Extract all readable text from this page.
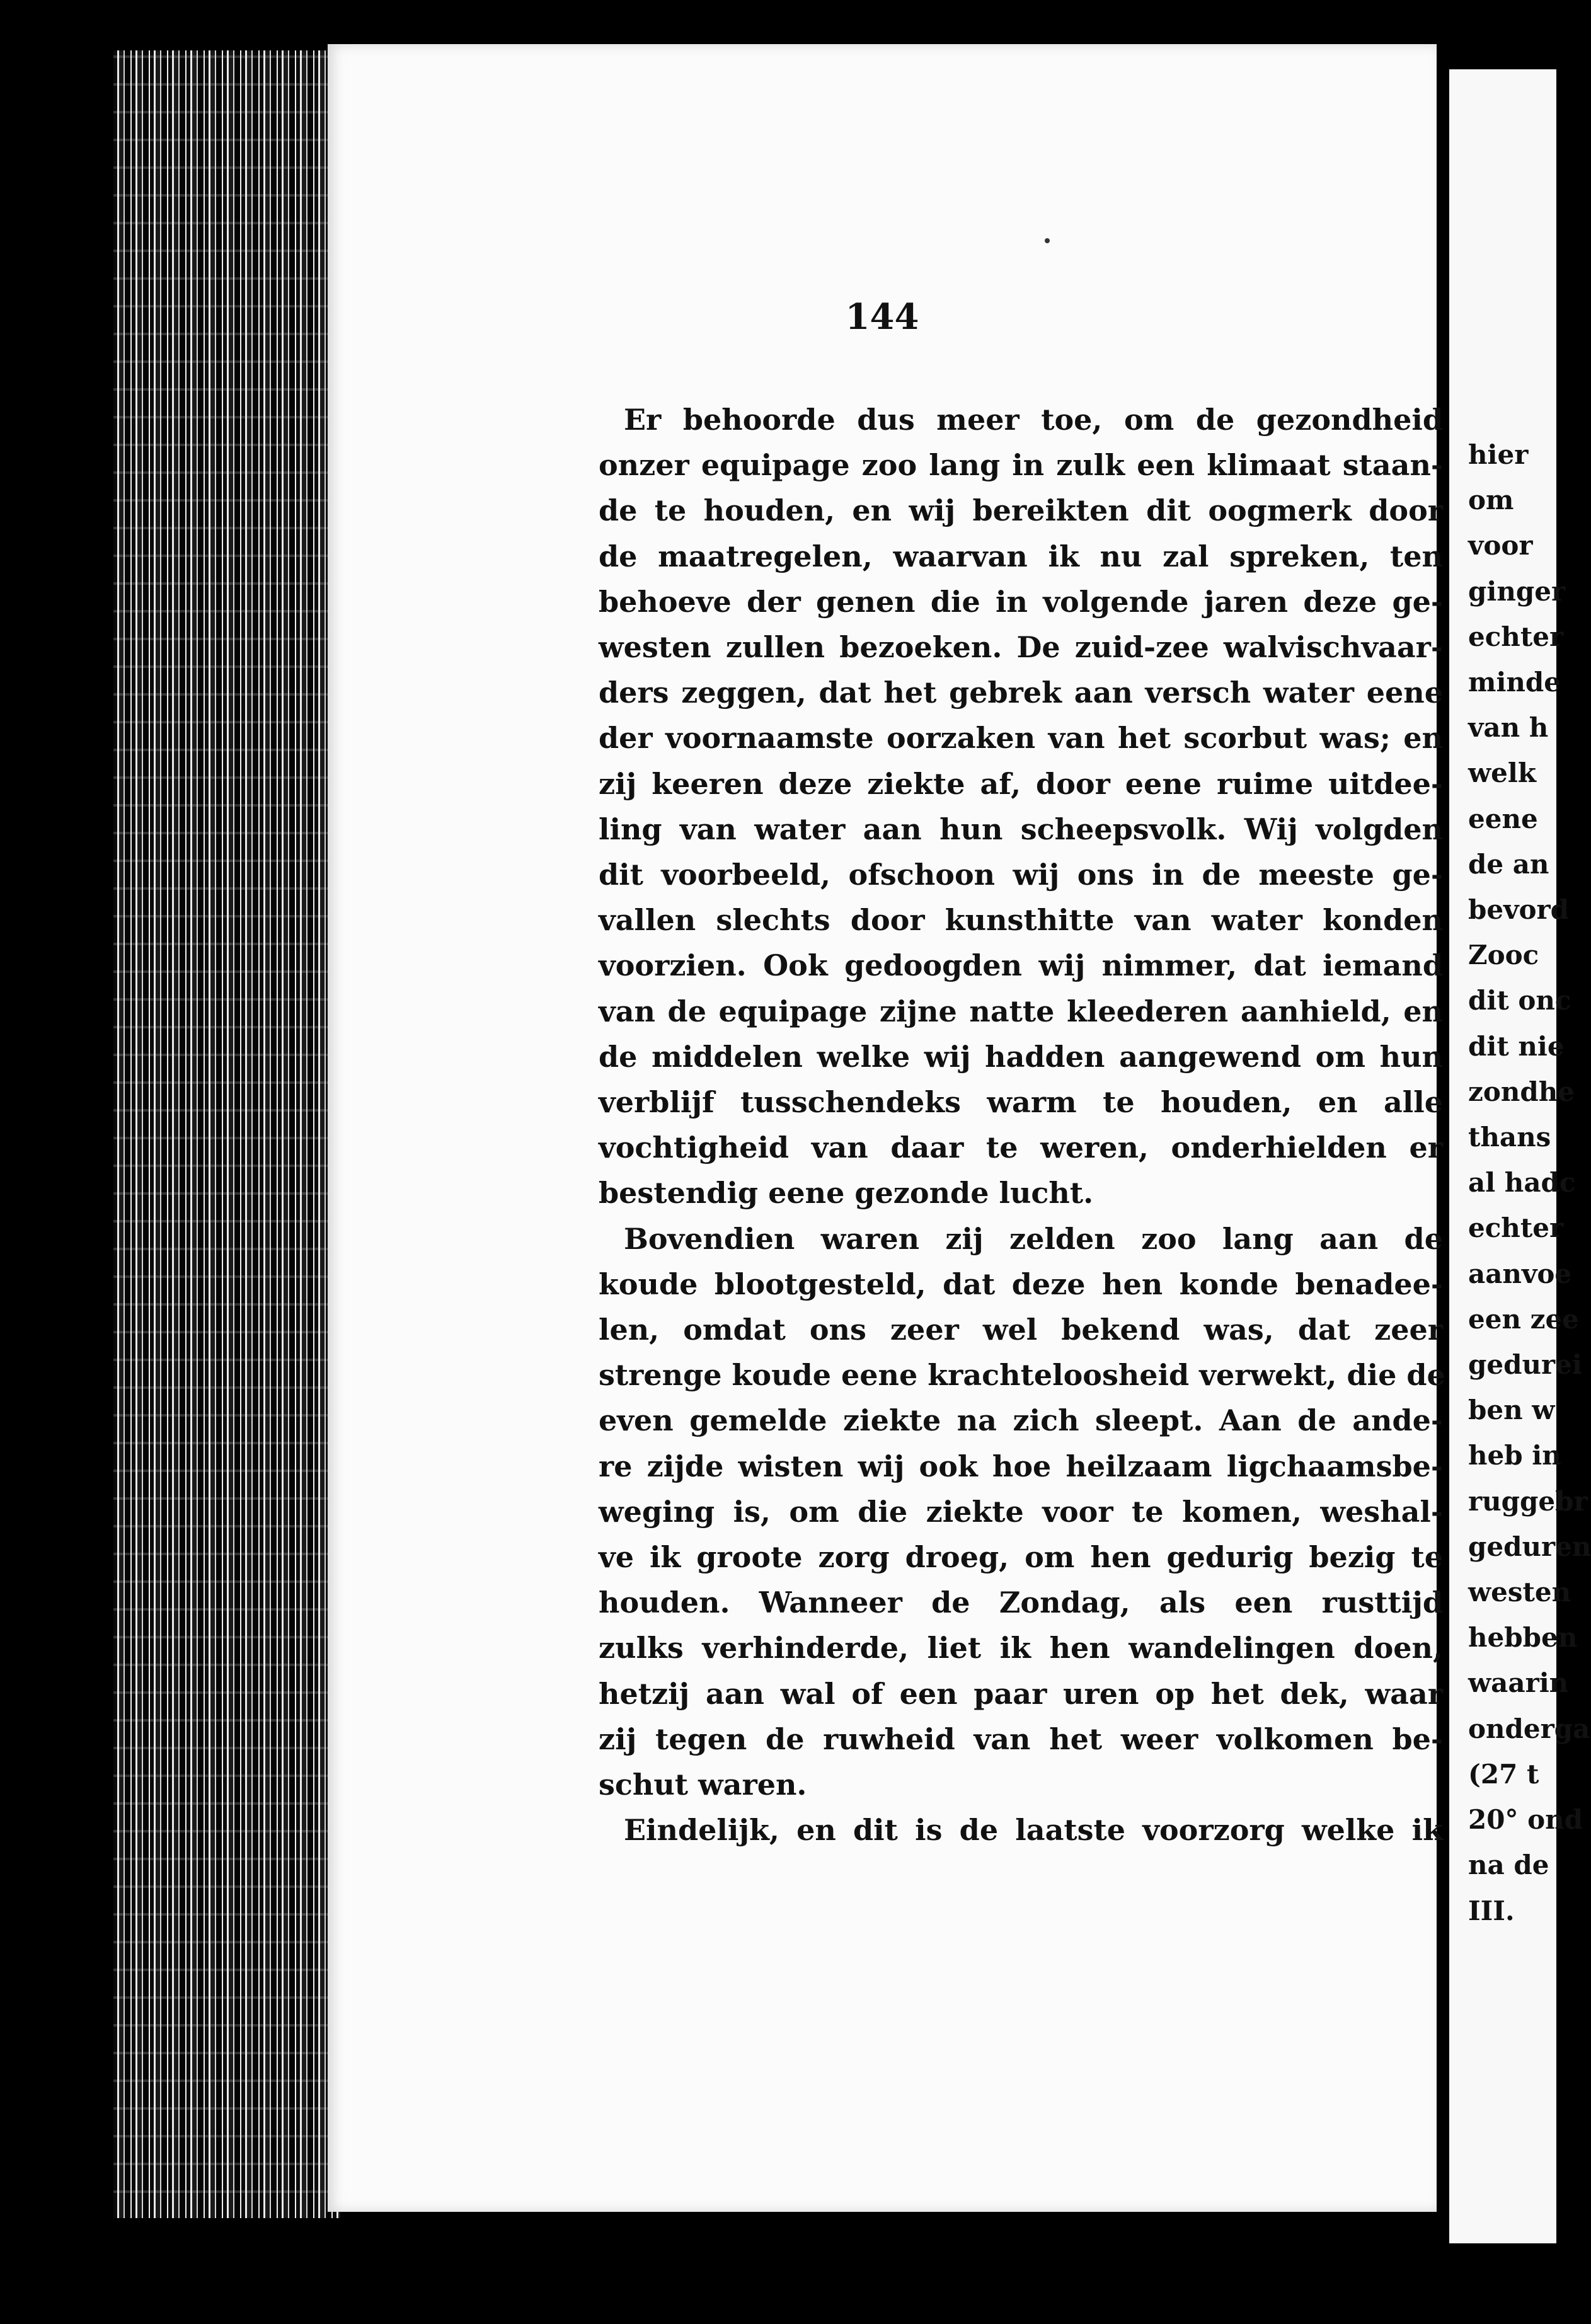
144
Er behoorde dus meer toe, om de gezondheid
onzer equipage zoo lang in zulk een klimaat staan-
de te houden, en wij bereikten dit oogmerk door
de maatregelen, waarvan ik nu zal spreken, ten
behoeve der genen die in volgende jaren deze ge-
westen zullen bezoeken. De zuid-zee walvischvaar-
ders zeggen, dat het gebrek aan versch water eene
der voornaamste oorzaken van het scorbut was; en
zij keeren deze ziekte af, door eene ruime uitdee-
ling van water aan hun scheepsvolk. Wij volgden
dit voorbeeld, ofschoon wij ons in de meeste ge-
vallen slechts door kunsthitte van water konden
voorzien. Ook gedoogden wij nimmer, dat iemand
van de equipage zijne natte kleederen aanhield, en
de middelen welke wij hadden aangewend om hun
verblijf tusschendeks warm te houden, en alle
vochtigheid van daar te weren, onderhielden er
bestendig eene gezonde lucht.
Bovendien waren zij zelden zoo lang aan de
koude blootgesteld, dat deze hen konde benadee-
len, omdat ons zeer wel bekend was, dat zeer
strenge koude eene krachteloosheid verwekt, die de
even gemelde ziekte na zich sleept. Aan de ande-
re zijde wisten wij ook hoe heilzaam ligchaamsbe-
weging is, om die ziekte voor te komen, weshal-
ve ik groote zorg droeg, om hen gedurig bezig te
houden. Wanneer de Zondag, als een rusttijd
zulks verhinderde, liet ik hen wandelingen doen,
hetzij aan wal of een paar uren op het dek, waar
zij tegen de ruwheid van het weer volkomen be-
schut waren.
Eindelijk, en dit is de laatste voorzorg welke ik
hier
om
voor
ginger
echter
minde
van h
welk
eene
de an
bevord
Zooc
dit onc
dit nie
zondhe
thans
al hadc
echter
aanvoe
een zee
gedurei
ben w
heb in
ruggebr
geduren
westen
hebben
waarin
onderga
(27 t
20° ond
na de
III.
